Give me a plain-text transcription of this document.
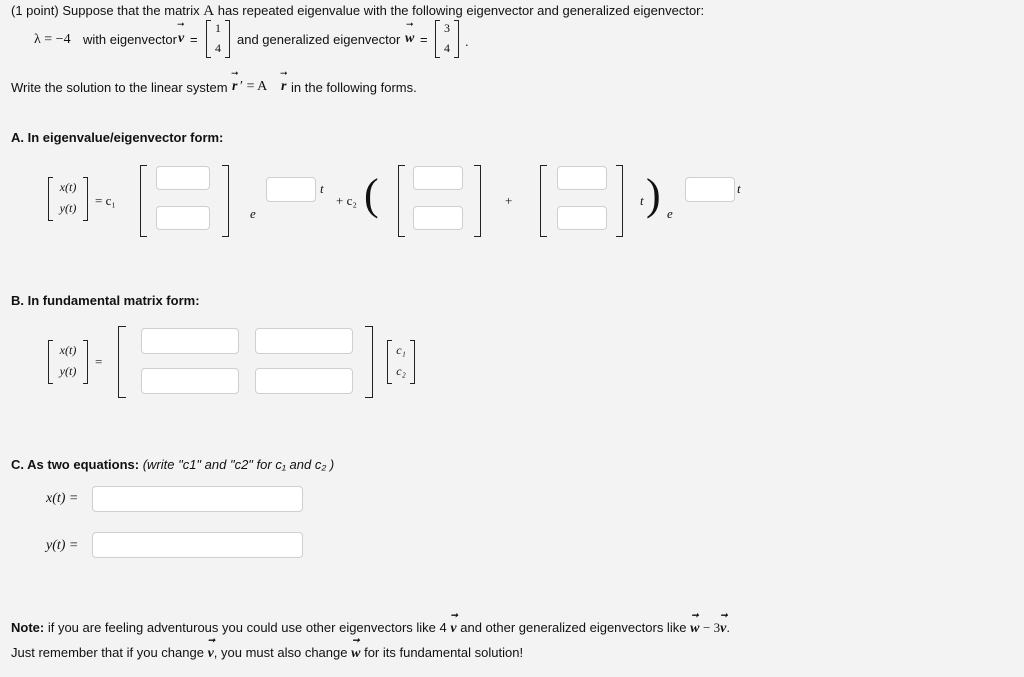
(1 point) Suppose that the matrix A has repeated eigenvalue with the following eigenvector and generalized eigenvector:
λ = −4 with eigenvector v
➞
=
1
4
and generalized eigenvector w
➞
=
3
4	.
Write the solution to the linear system r
➞
′ = A r
➞
in the following forms.
A. In eigenvalue/eigenvector form:
x(t)
y(t)	= c₁
e
t
+ c₂ (	+	t ) e
t
B. In fundamental matrix form:
x(t)
y(t)
=
c₁
c₂
C. As two equations: (write "c1" and "c2" for c₁ and c₂ )
x(t) =
y(t) =
Note: if you are feeling adventurous you could use other eigenvectors like 4
➞
v and other generalized eigenvectors like
➞
w − 3
➞
v.
Just remember that if you change
➞
v, you must also change
➞
w for its fundamental solution!
